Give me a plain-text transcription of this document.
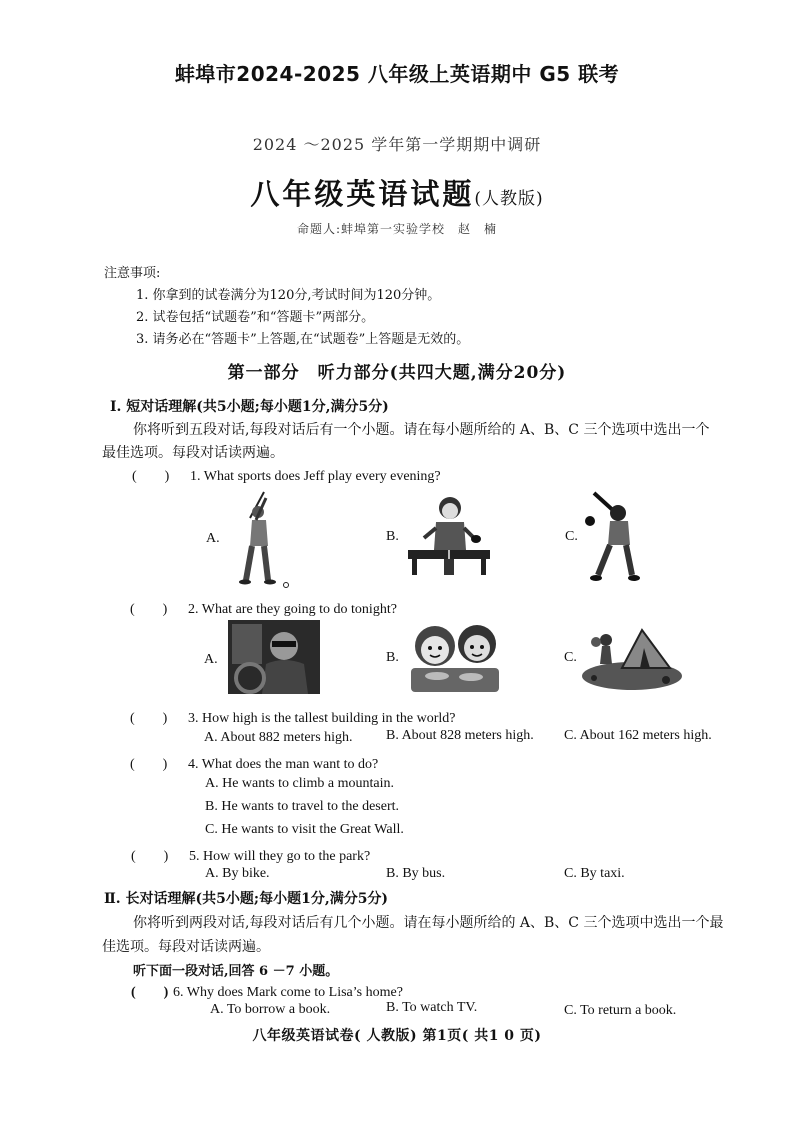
蚌埠市2024-2025 八年级上英语期中 G5 联考
2024 ～2025 学年第一学期期中调研
八年级英语试题(人教版)
命题人:蚌埠第一实验学校　赵　楠
注意事项:
1. 你拿到的试卷满分为120分,考试时间为120分钟。
2. 试卷包括“试题卷”和“答题卡”两部分。
3. 请务必在“答题卡”上答题,在“试题卷”上答题是无效的。
第一部分　听力部分(共四大题,满分20分)
Ⅰ. 短对话理解(共5小题;每小题1分,满分5分)
你将听到五段对话,每段对话后有一个小题。请在每小题所给的 A、B、C 三个选项中选出一个
最佳选项。每段对话读两遍。
(　　) 1. What sports does Jeff play every evening?
A.	B.	C.
(　　) 2. What are they going to do tonight?
A.	B.	C.
(　　) 3. How high is the tallest building in the world?
A. About 882 meters high. B. About 828 meters high. C. About 162 meters high.
(　　) 4. What does the man want to do?
A. He wants to climb a mountain.
B. He wants to travel to the desert.
C. He wants to visit the Great Wall.
(　　) 5. How will they go to the park?
A. By bike.	B. By bus.	C. By taxi.
Ⅱ. 长对话理解(共5小题;每小题1分,满分5分)
你将听到两段对话,每段对话后有几个小题。请在每小题所给的 A、B、C 三个选项中选出一个最
佳选项。每段对话读两遍。
听下面一段对话,回答 6 －7 小题。
(　　) 6. Why does Mark come to Lisa’s home?
A. To borrow a book.	B. To watch TV.	C. To return a book.
八年级英语试卷( 人教版) 第1页( 共1 0 页)
